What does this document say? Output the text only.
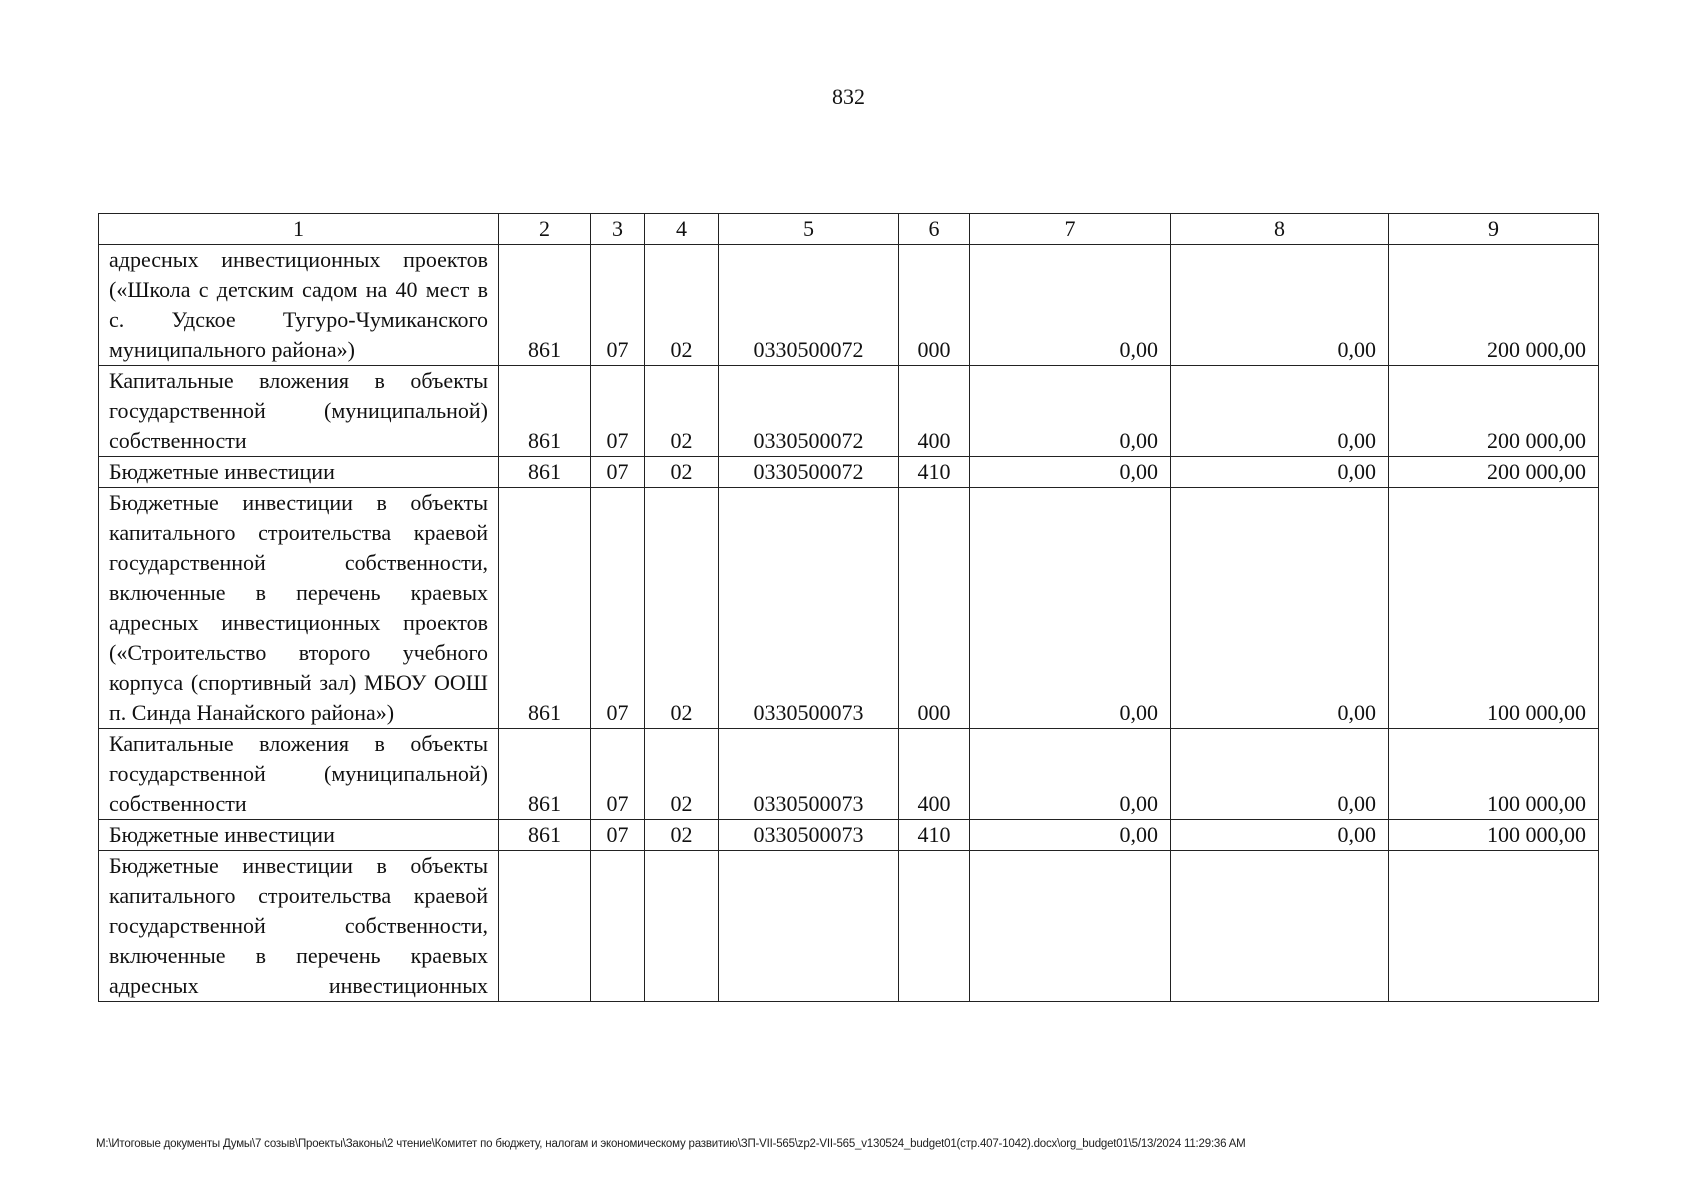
832
1	2	3	4	5	6	7	8	9
адресных инвестиционных проектов («Школа с детским садом на 40 мест в с. Удское Тугуро-Чумиканского муниципального района»)	861	07	02	0330500072	000	0,00	0,00	200 000,00
Капитальные вложения в объекты государственной (муниципальной) собственности	861	07	02	0330500072	400	0,00	0,00	200 000,00
Бюджетные инвестиции	861	07	02	0330500072	410	0,00	0,00	200 000,00
Бюджетные инвестиции в объекты капитального строительства краевой государственной собственности, включенные в перечень краевых адресных инвестиционных проектов («Строительство второго учебного корпуса (спортивный зал) МБОУ ООШ п. Синда Нанайского района»)	861	07	02	0330500073	000	0,00	0,00	100 000,00
Капитальные вложения в объекты государственной (муниципальной) собственности	861	07	02	0330500073	400	0,00	0,00	100 000,00
Бюджетные инвестиции	861	07	02	0330500073	410	0,00	0,00	100 000,00
Бюджетные инвестиции в объекты капитального строительства краевой государственной собственности, включенные в перечень краевых адресных инвестиционных								
M:\Итоговые документы Думы\7 созыв\Проекты\Законы\2 чтение\Комитет по бюджету, налогам и экономическому развитию\ЗП-VII-565\zp2-VII-565_v130524_budget01(стр.407-1042).docx\org_budget01\5/13/2024 11:29:36 AM
